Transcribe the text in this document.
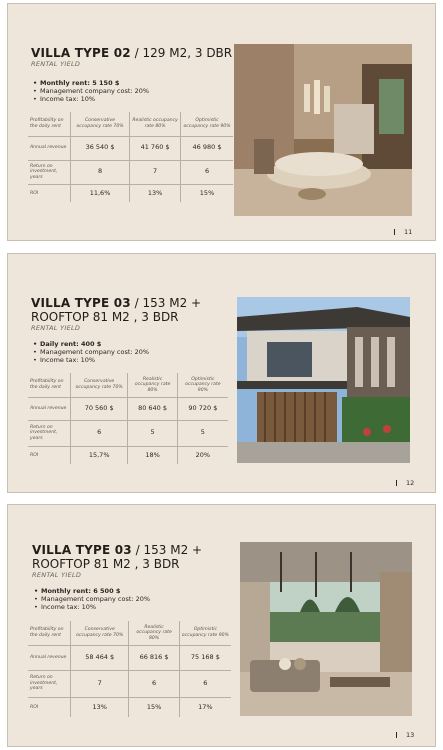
VILLA TYPE 02 / 129 M2, 3 DBR
RENTAL YIELD
• Monthly rent: 5 150 $
• Management company cost: 20%
• Income tax: 10%
Profitability on the daily rent	Conservative occupancy rate 70%	Realistic occupancy rate 80%	Optimistic occupancy rate 90%
Annual revenue	36 540 $	41 760 $	46 980 $
Return on investment, years	8	7	6
ROI	11,6%	13%	15%
11
VILLA TYPE 03 / 153 M2 +
ROOFTOP 81 M2 , 3 BDR
RENTAL YIELD
• Daily rent: 400 $
• Management company cost: 20%
• Income tax: 10%
Profitability on the daily rent	Conservative occupancy rate 70%	Realistic occupancy rate 80%	Optimistic occupancy rate 90%
Annual revenue	70 560 $	80 640 $	90 720 $
Return on investment, years	6	5	5
ROI	15,7%	18%	20%
12
VILLA TYPE 03 / 153 M2 +
ROOFTOP 81 M2 , 3 BDR
RENTAL YIELD
• Monthly rent: 6 500 $
• Management company cost: 20%
• Income tax: 10%
Profitability on the daily rent	Conservative occupancy rate 70%	Realistic occupancy rate 80%	Optimistic occupancy rate 90%
Annual revenue	58 464 $	66 816 $	75 168 $
Return on investment, years	7	6	6
ROI	13%	15%	17%
13
